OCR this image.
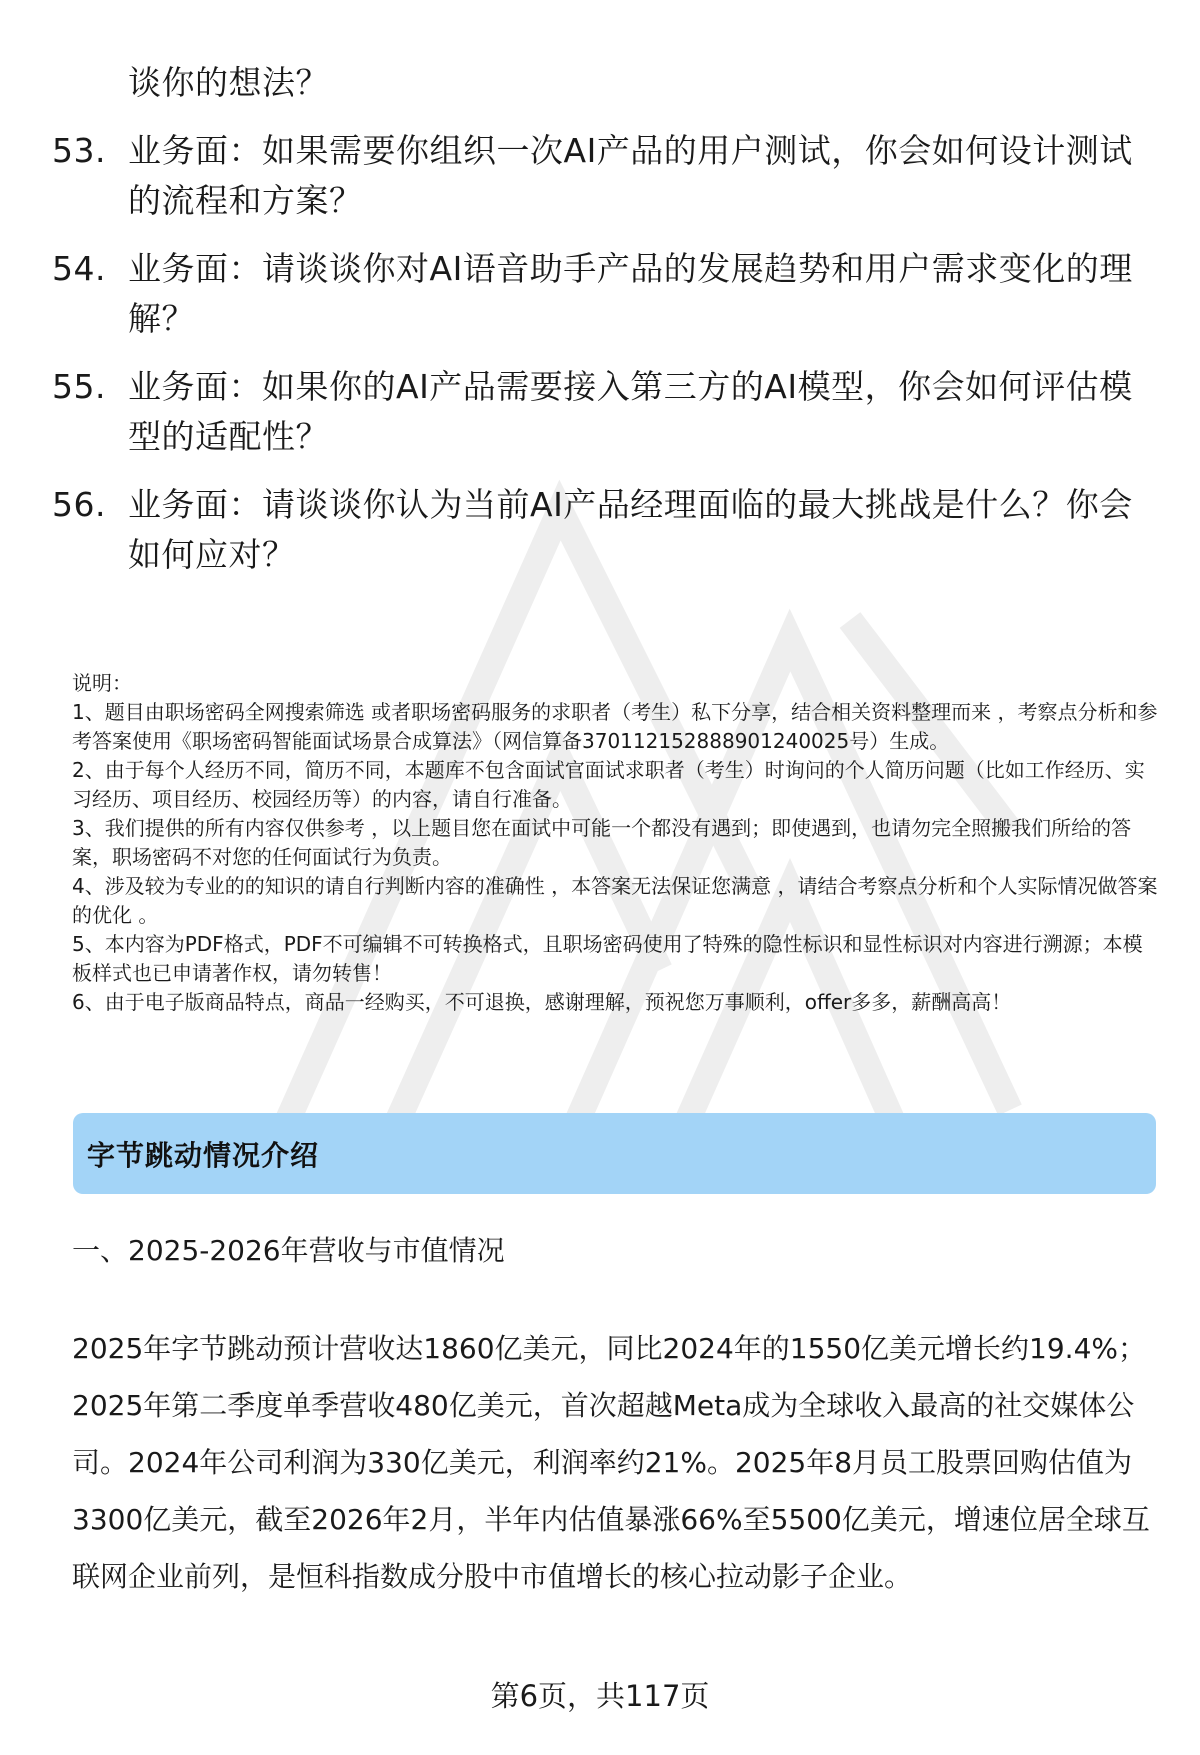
谈你的想法？
53. 业务面：如果需要你组织一次AI产品的用户测试，你会如何设计测试的流程和方案？
54. 业务面：请谈谈你对AI语音助手产品的发展趋势和用户需求变化的理解？
55. 业务面：如果你的AI产品需要接入第三方的AI模型，你会如何评估模型的适配性？
56. 业务面：请谈谈你认为当前AI产品经理面临的最大挑战是什么？你会如何应对？

说明：

1、题目由职场密码全网搜索筛选 或者职场密码服务的求职者（考生）私下分享，结合相关资料整理而来 ，考察点分析和参考答案使用《职场密码智能面试场景合成算法》（网信算备370112152888901240025号）生成。

2、由于每个人经历不同，简历不同，本题库不包含面试官面试求职者（考生）时询问的个人简历问题（比如工作经历、实习经历、项目经历、校园经历等）的内容，请自行准备。

3、我们提供的所有内容仅供参考 ，以上题目您在面试中可能一个都没有遇到；即使遇到，也请勿完全照搬我们所给的答案，职场密码不对您的任何面试行为负责。

4、涉及较为专业的的知识的请自行判断内容的准确性 ，本答案无法保证您满意 ，请结合考察点分析和个人实际情况做答案的优化 。

5、本内容为PDF格式，PDF不可编辑不可转换格式，且职场密码使用了特殊的隐性标识和显性标识对内容进行溯源；本模板样式也已申请著作权，请勿转售！

6、由于电子版商品特点，商品一经购买，不可退换，感谢理解，预祝您万事顺利，offer多多，薪酬高高！

字节跳动情况介绍
一、2025-2026年营收与市值情况

2025年字节跳动预计营收达1860亿美元，同比2024年的1550亿美元增长约19.4%；2025年第二季度单季营收480亿美元，首次超越Meta成为全球收入最高的社交媒体公司。2024年公司利润为330亿美元，利润率约21%。2025年8月员工股票回购估值为3300亿美元，截至2026年2月，半年内估值暴涨66%至5500亿美元，增速位居全球互联网企业前列，是恒科指数成分股中市值增长的核心拉动影子企业。

第6页，共117页
